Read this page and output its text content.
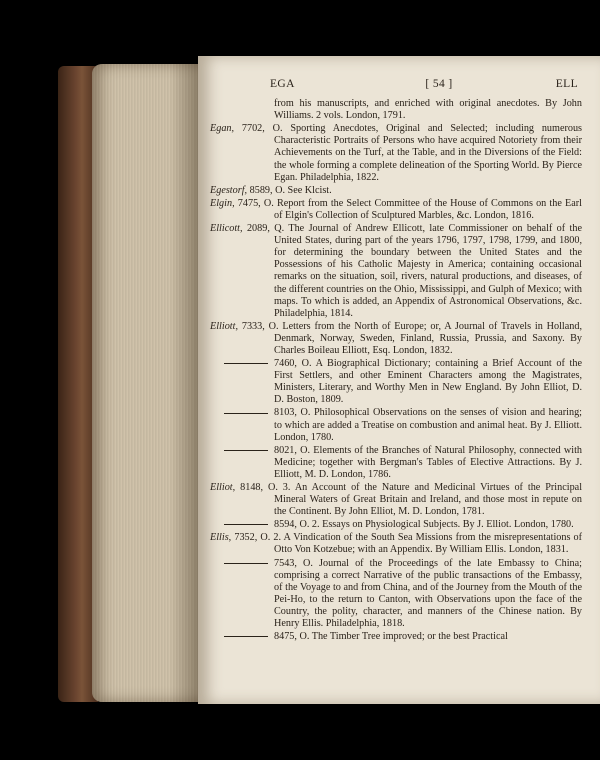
EGA	[ 54 ]	ELL
from his manuscripts, and enriched with original anecdotes. By John Williams. 2 vols. London, 1791.
Egan, 7702, O. Sporting Anecdotes, Original and Selected; including numerous Characteristic Portraits of Persons who have acquired Notoriety from their Achievements on the Turf, at the Table, and in the Diversions of the Field: the whole forming a complete delineation of the Sporting World. By Pierce Egan. Philadelphia, 1822.
Egestorf, 8589, O. See Klcist.
Elgin, 7475, O. Report from the Select Committee of the House of Commons on the Earl of Elgin's Collection of Sculptured Marbles, &c. London, 1816.
Ellicott, 2089, Q. The Journal of Andrew Ellicott, late Commissioner on behalf of the United States, during part of the years 1796, 1797, 1798, 1799, and 1800, for determining the boundary between the United States and the Possessions of his Catholic Majesty in America; containing occasional remarks on the situation, soil, rivers, natural productions, and diseases, of the different countries on the Ohio, Mississippi, and Gulph of Mexico; with maps. To which is added, an Appendix of Astronomical Observations, &c. Philadelphia, 1814.
Elliott, 7333, O. Letters from the North of Europe; or, A Journal of Travels in Holland, Denmark, Norway, Sweden, Finland, Russia, Prussia, and Saxony. By Charles Boileau Elliott, Esq. London, 1832.
7460, O. A Biographical Dictionary; containing a Brief Account of the First Settlers, and other Eminent Characters among the Magistrates, Ministers, Literary, and Worthy Men in New England. By John Elliot, D. D. Boston, 1809.
8103, O. Philosophical Observations on the senses of vision and hearing; to which are added a Treatise on combustion and animal heat. By J. Elliott. London, 1780.
8021, O. Elements of the Branches of Natural Philosophy, connected with Medicine; together with Bergman's Tables of Elective Attractions. By J. Elliott, M. D. London, 1786.
Elliot, 8148, O. 3. An Account of the Nature and Medicinal Virtues of the Principal Mineral Waters of Great Britain and Ireland, and those most in repute on the Continent. By John Elliot, M. D. London, 1781.
8594, O. 2. Essays on Physiological Subjects. By J. Elliot. London, 1780.
Ellis, 7352, O. 2. A Vindication of the South Sea Missions from the misrepresentations of Otto Von Kotzebue; with an Appendix. By William Ellis. London, 1831.
7543, O. Journal of the Proceedings of the late Embassy to China; comprising a correct Narrative of the public transactions of the Embassy, of the Voyage to and from China, and of the Journey from the Mouth of the Pei-Ho, to the return to Canton, with Observations upon the face of the Country, the polity, character, and manners of the Chinese nation. By Henry Ellis. Philadelphia, 1818.
8475, O. The Timber Tree improved; or the best Practical
